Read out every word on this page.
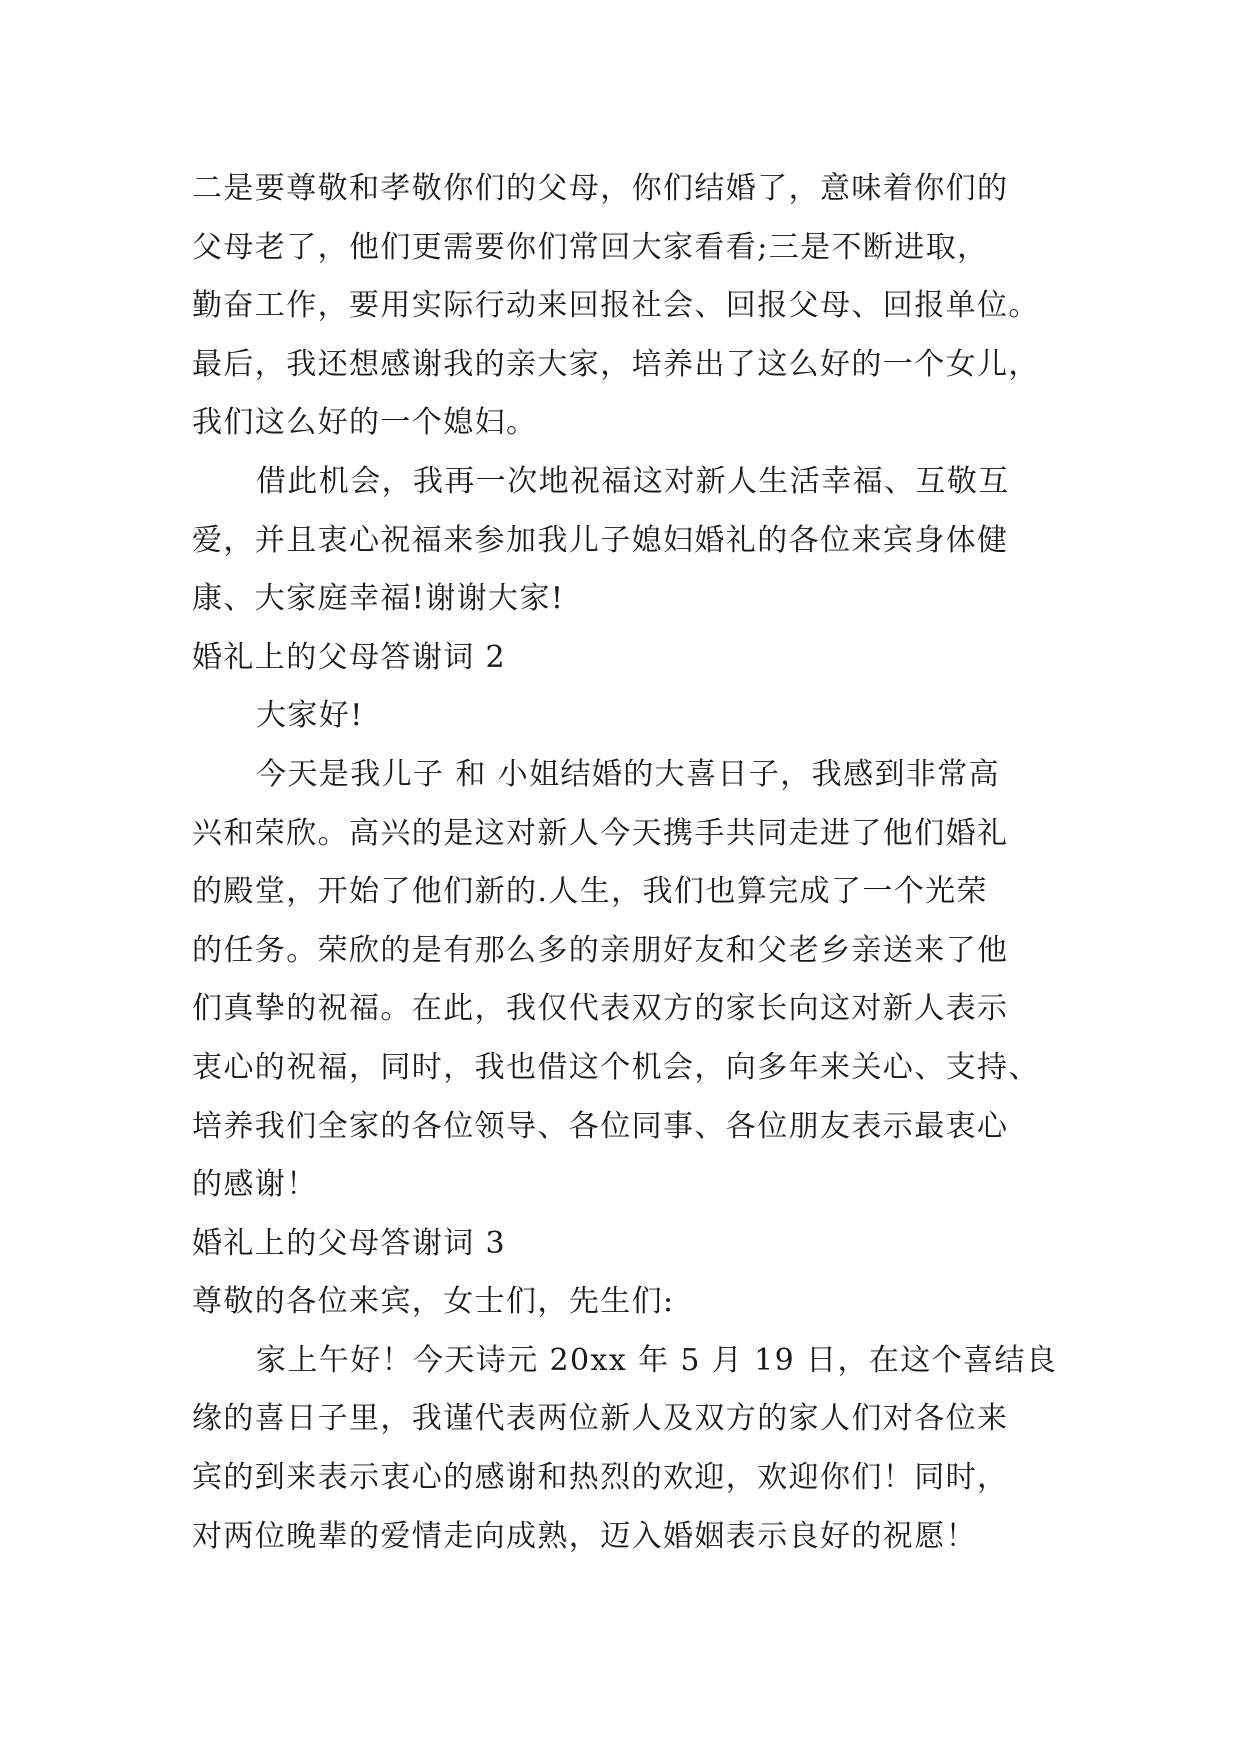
二是要尊敬和孝敬你们的父母，你们结婚了，意味着你们的
父母老了，他们更需要你们常回大家看看;三是不断进取，
勤奋工作，要用实际行动来回报社会、回报父母、回报单位。
最后，我还想感谢我的亲大家，培养出了这么好的一个女儿，
我们这么好的一个媳妇。
借此机会，我再一次地祝福这对新人生活幸福、互敬互
爱，并且衷心祝福来参加我儿子媳妇婚礼的各位来宾身体健
康、大家庭幸福!谢谢大家!
婚礼上的父母答谢词 2
大家好!
今天是我儿子 和 小姐结婚的大喜日子，我感到非常高
兴和荣欣。高兴的是这对新人今天携手共同走进了他们婚礼
的殿堂，开始了他们新的.人生，我们也算完成了一个光荣
的任务。荣欣的是有那么多的亲朋好友和父老乡亲送来了他
们真挚的祝福。在此，我仅代表双方的家长向这对新人表示
衷心的祝福，同时，我也借这个机会，向多年来关心、支持、
培养我们全家的各位领导、各位同事、各位朋友表示最衷心
的感谢！
婚礼上的父母答谢词 3
尊敬的各位来宾，女士们，先生们:
家上午好！今天诗元 20xx 年 5 月 19 日，在这个喜结良
缘的喜日子里，我谨代表两位新人及双方的家人们对各位来
宾的到来表示衷心的感谢和热烈的欢迎，欢迎你们！同时，
对两位晚辈的爱情走向成熟，迈入婚姻表示良好的祝愿！
